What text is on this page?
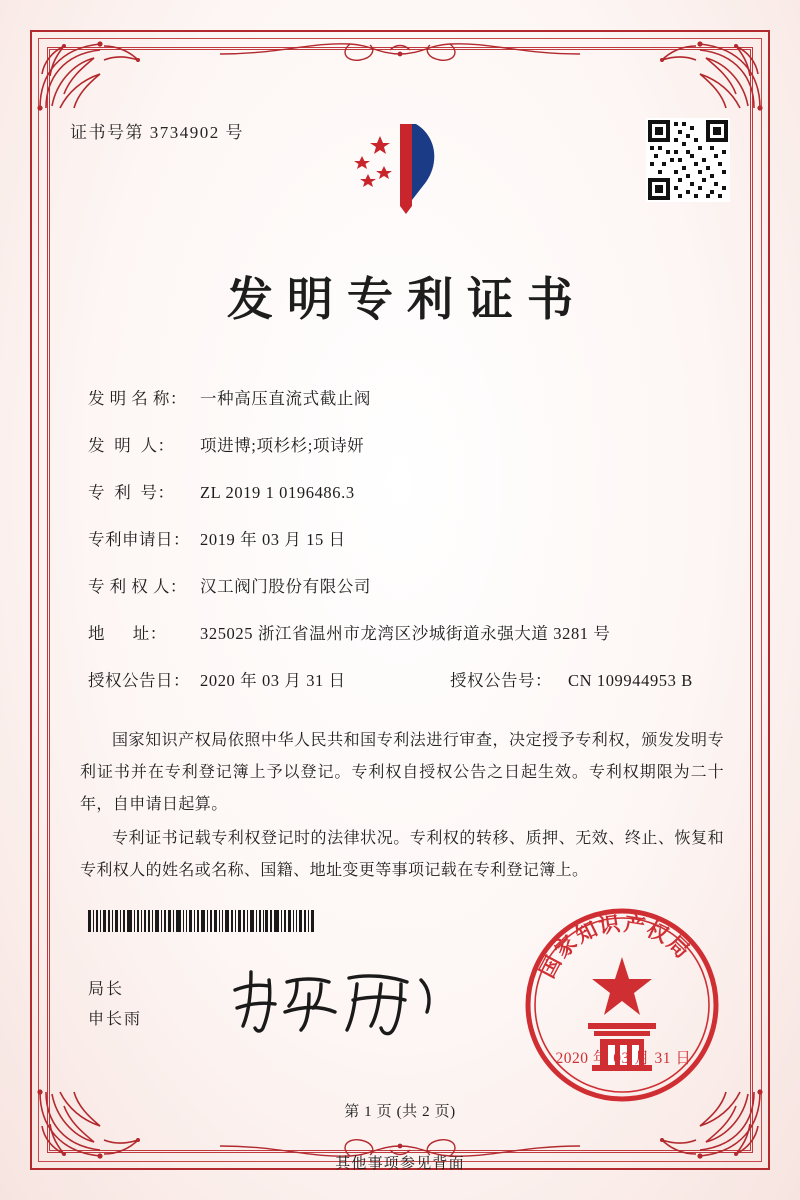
证书号第 3734902 号
发明专利证书
发 明 名 称： 一种高压直流式截止阀
发  明  人：	项进博;项杉杉;项诗妍
专  利  号：	ZL 2019 1 0196486.3
专利申请日： 2019 年 03 月 15 日
专 利 权 人： 汉工阀门股份有限公司
地      址：	325025 浙江省温州市龙湾区沙城街道永强大道 3281 号
授权公告日： 2020 年 03 月 31 日	授权公告号： CN 109944953 B

国家知识产权局依照中华人民共和国专利法进行审查，决定授予专利权，颁发发明专利证书并在专利登记簿上予以登记。专利权自授权公告之日起生效。专利权期限为二十年，自申请日起算。

专利证书记载专利权登记时的法律状况。专利权的转移、质押、无效、终止、恢复和专利权人的姓名或名称、国籍、地址变更等事项记载在专利登记簿上。

局长
申长雨
国
家
知
识 产
权
局
2020 年 03 月 31 日
第 1 页 (共 2 页)
其他事项参见背面
